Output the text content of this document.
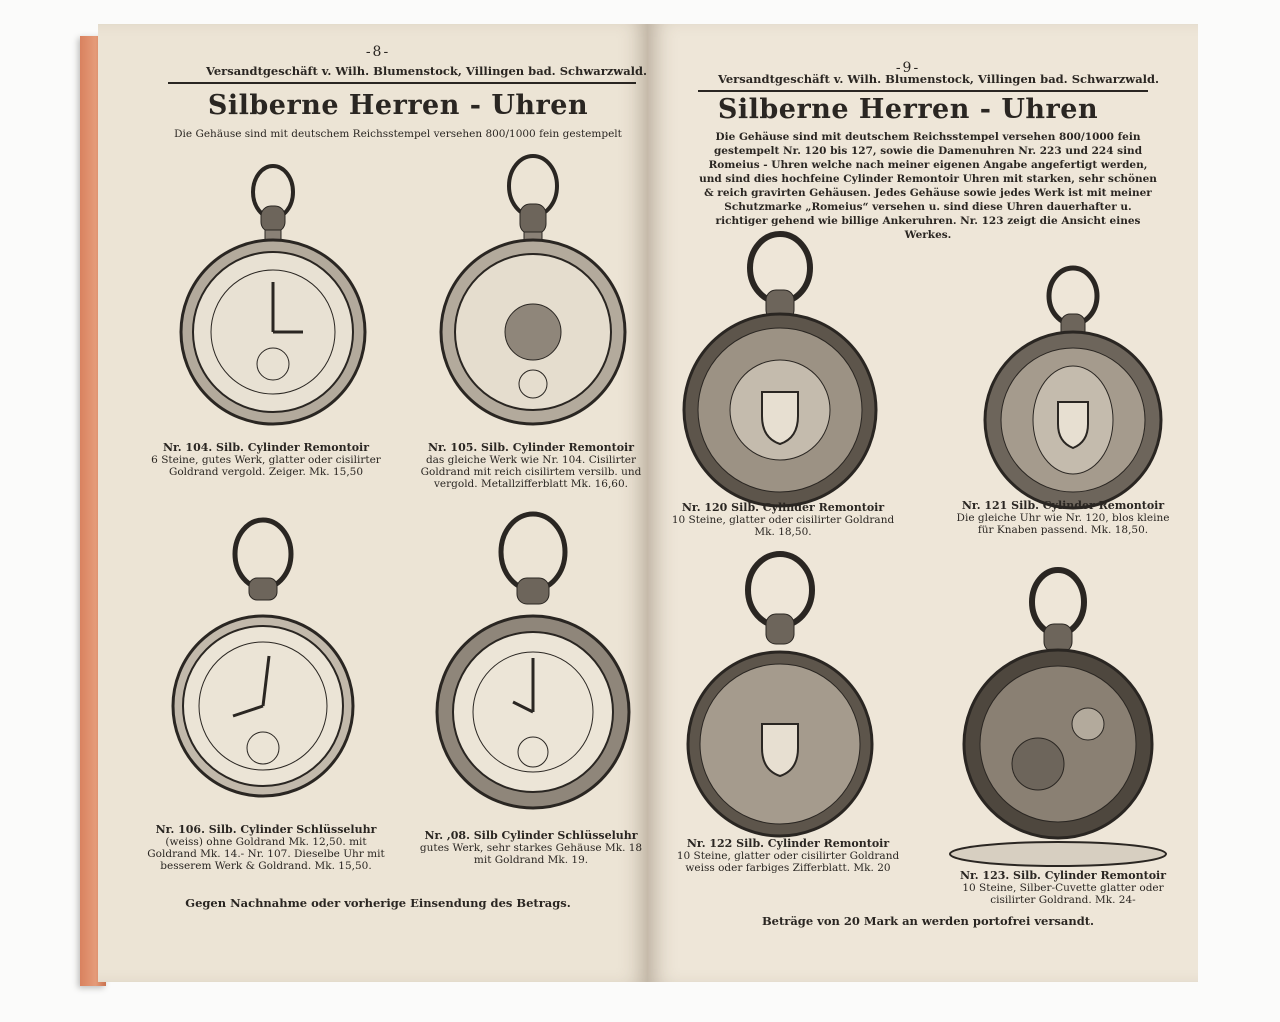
-8-
Versandtgeschäft v. Wilh. Blumenstock, Villingen bad. Schwarzwald.
Silberne Herren - Uhren
Die Gehäuse sind mit deutschem Reichsstempel versehen 800/1000 fein gestempelt
Nr. 104. Silb. Cylinder Remontoir
6 Steine, gutes Werk, glatter oder cisilirter Goldrand vergold. Zeiger. Mk. 15,50
Nr. 105. Silb. Cylinder Remontoir
das gleiche Werk wie Nr. 104. Cisilirter Goldrand mit reich cisilirtem versilb. und vergold. Metallzifferblatt Mk. 16,60.
Nr. 106. Silb. Cylinder Schlüsseluhr
(weiss) ohne Goldrand Mk. 12,50. mit Goldrand Mk. 14.- Nr. 107. Dieselbe Uhr mit besserem Werk & Goldrand. Mk. 15,50.
Nr. ,08. Silb Cylinder Schlüsseluhr
gutes Werk, sehr starkes Gehäuse Mk. 18 mit Goldrand Mk. 19.
Gegen Nachnahme oder vorherige Einsendung des Betrags.
-9-
Versandtgeschäft v. Wilh. Blumenstock, Villingen bad. Schwarzwald.
Silberne Herren - Uhren
Die Gehäuse sind mit deutschem Reichsstempel versehen 800/1000 fein gestempelt Nr. 120 bis 127, sowie die Damenuhren Nr. 223 und 224 sind Romeius - Uhren welche nach meiner eigenen Angabe angefertigt werden, und sind dies hochfeine Cylinder Remontoir Uhren mit starken, sehr schönen & reich gravirten Gehäusen. Jedes Gehäuse sowie jedes Werk ist mit meiner Schutzmarke „Romeius“ versehen u. sind diese Uhren dauerhafter u. richtiger gehend wie billige Ankeruhren. Nr. 123 zeigt die Ansicht eines Werkes.
Nr. 120 Silb. Cylinder Remontoir
10 Steine, glatter oder cisilirter Goldrand Mk. 18,50.
Nr. 121 Silb. Cylinder Remontoir
Die gleiche Uhr wie Nr. 120, blos kleine für Knaben passend. Mk. 18,50.
Nr. 122 Silb. Cylinder Remontoir
10 Steine, glatter oder cisilirter Goldrand weiss oder farbiges Zifferblatt. Mk. 20
Nr. 123. Silb. Cylinder Remontoir
10 Steine, Silber-Cuvette glatter oder cisilirter Goldrand. Mk. 24-
Beträge von 20 Mark an werden portofrei versandt.
